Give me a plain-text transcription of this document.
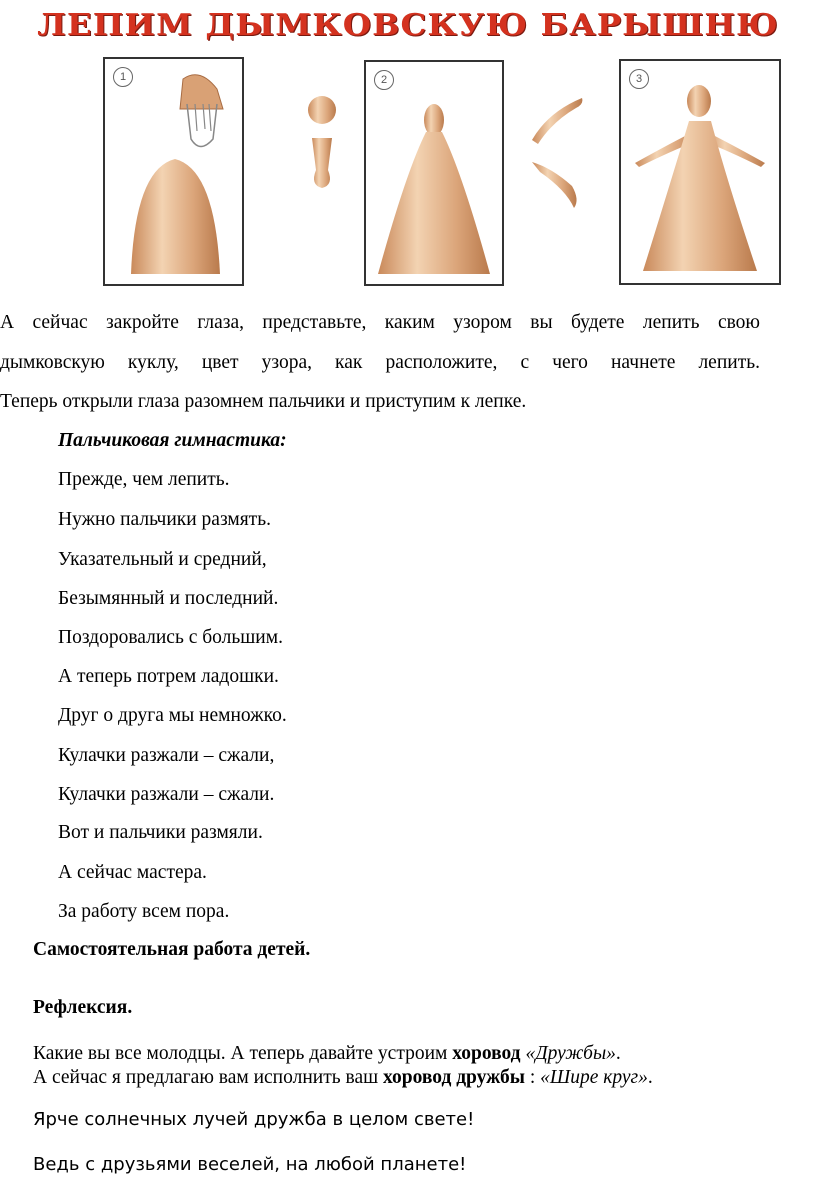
ЛЕПИМ ДЫМКОВСКУЮ БАРЫШНЮ
1	2	3
А сейчас закройте глаза, представьте, каким узором вы будете лепить свою
дымковскую куклу, цвет узора, как расположите, с чего начнете лепить.
Теперь открыли глаза разомнем пальчики и приступим к лепке.
Пальчиковая гимнастика:
Прежде, чем лепить.
Нужно пальчики размять.
Указательный и средний,
Безымянный и последний.
Поздоровались с большим.
А теперь потрем ладошки.
Друг о друга мы немножко.
Кулачки разжали – сжали,
Кулачки разжали – сжали.
Вот и пальчики размяли.
А сейчас мастера.
За работу всем пора.
Самостоятельная работа детей.
Рефлексия.
Какие вы все молодцы. А теперь давайте устроим хоровод «Дружбы».
А сейчас я предлагаю вам исполнить ваш хоровод дружбы : «Шире круг».
Ярче солнечных лучей дружба в целом свете!
Ведь с друзьями веселей, на любой планете!
